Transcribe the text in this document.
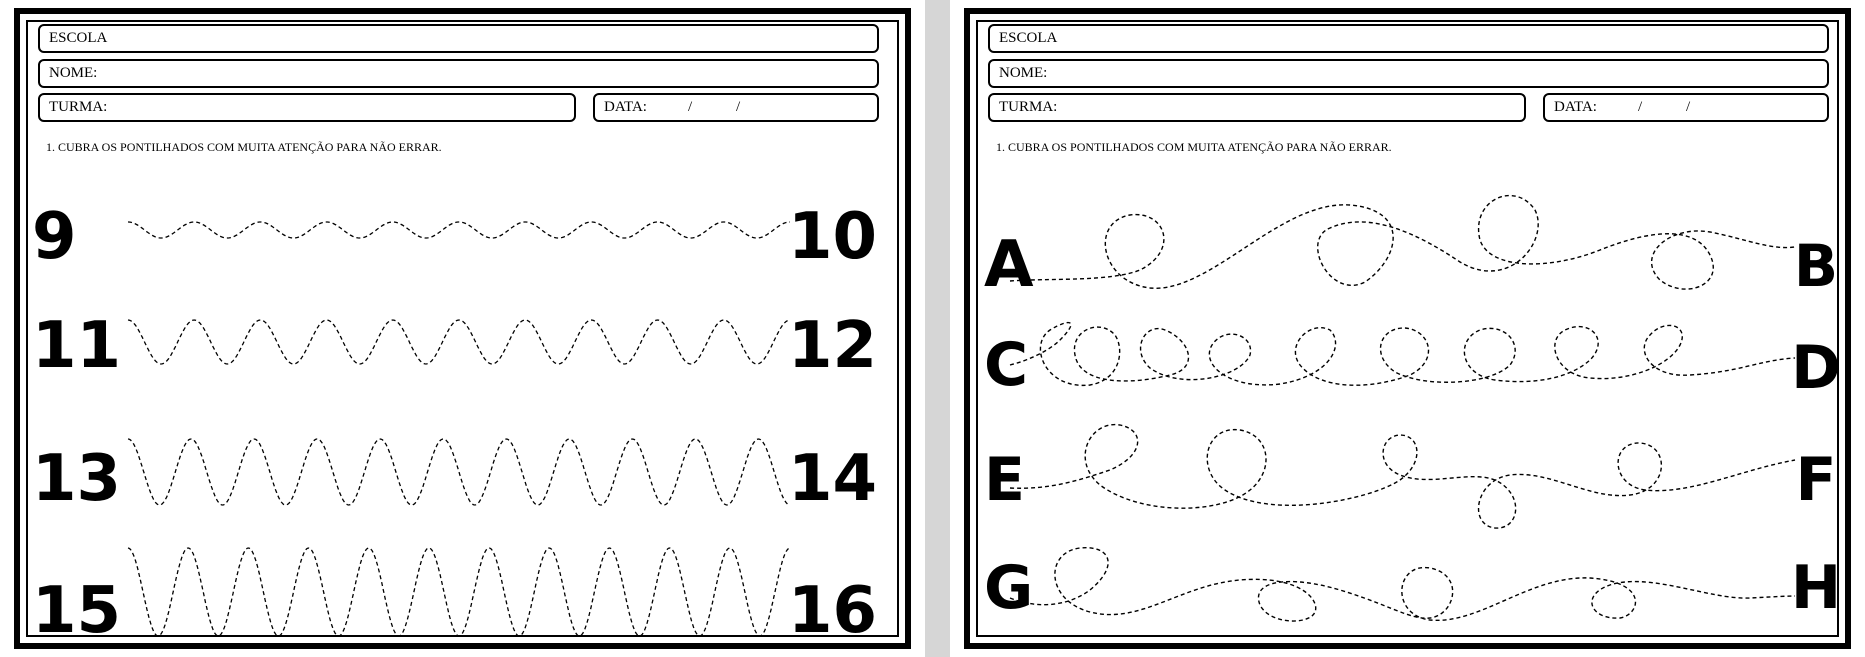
ESCOLA
NOME:
TURMA:	DATA:	/	/
1. CUBRA OS PONTILHADOS COM MUITA ATENÇÃO PARA NÃO ERRAR.
9	10
11	12
13	14
15	16
ESCOLA
NOME:
TURMA:	DATA:	/	/
1. CUBRA OS PONTILHADOS COM MUITA ATENÇÃO PARA NÃO ERRAR.
A	B
C	D
E	F
G	H
